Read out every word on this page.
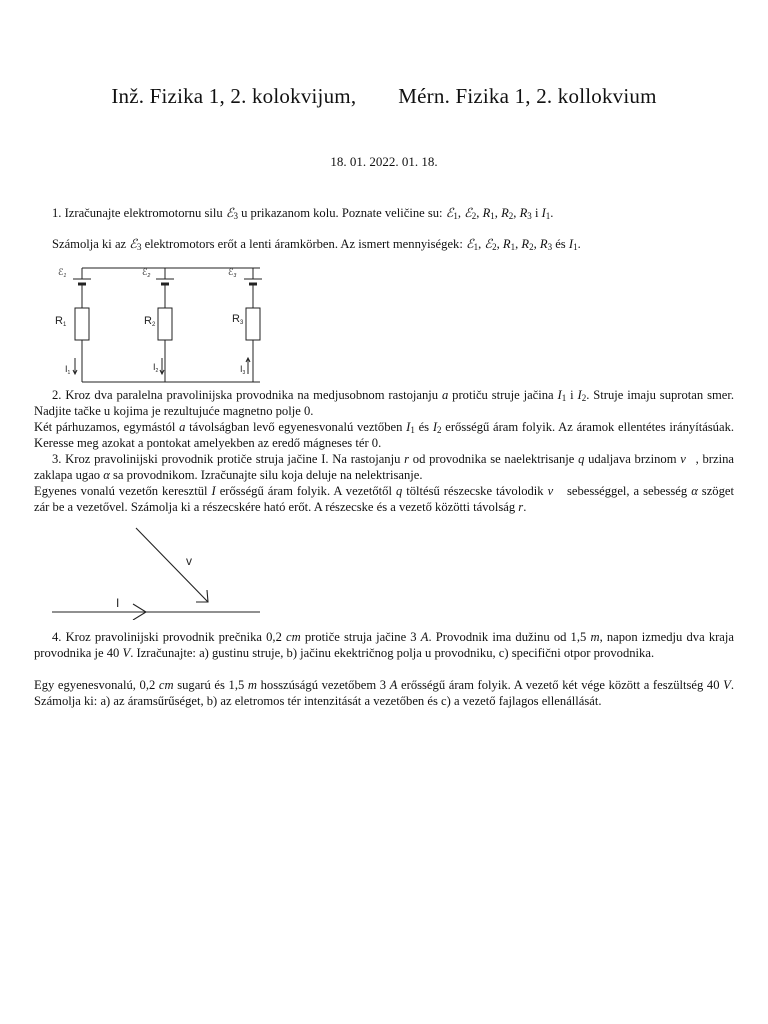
Inž. Fizika 1, 2. kolokvijum, Mérn. Fizika 1, 2. kollokvium
18. 01. 2022. 01. 18.
1. Izračunajte elektromotornu silu ℰ$_3$ u prikazanom kolu. Poznate veličine su: ℰ$_1$, ℰ$_2$, $R_1$, $R_2$, $R_3$ i $I_1$.
Számolja ki az ℰ$_3$ elektromotors erőt a lenti áramkörben. Az ismert mennyiségek: ℰ$_1$, ℰ$_2$, $R_1$, $R_2$, $R_3$ és $I_1$.
ℰ$_1$	ℰ$_2$	ℰ$_3$
R1	R2	R3
$I_1$
$I_2$	$I_3$
2. Kroz dva paralelna pravolinijska provodnika na medjusobnom rastojanju a protiču struje jačina $I_1$ i $I_2$. Struje imaju suprotan smer. Nadjite tačke u kojima je rezultujuće magnetno polje 0.
Két párhuzamos, egymástól a távolságban levő egyenesvonalú veztőben $I_1$ és $I_2$ erősségű áram folyik. Az áramok ellentétes irányításúak. Keresse meg azokat a pontokat amelyekben az eredő mágneses tér 0.
3. Kroz pravolinijski provodnik protiče struja jačine I. Na rastojanju r od provodnika se naelektrisanje q udaljava brzinom v⃗, brzina zaklapa ugao α sa provodnikom. Izračunajte silu koja deluje na nelektrisanje.
Egyenes vonalú vezetőn keresztül I erősségű áram folyik. A vezetőtől q töltésű részecske távolodik v⃗ sebességgel, a sebesség α szöget zár be a vezetővel. Számolja ki a részecskére ható erőt. A részecske és a vezető közötti távolság r.
v
I
4. Kroz pravolinijski provodnik prečnika 0,2 cm protiče struja jačine 3 A. Provodnik ima dužinu od 1,5 m, napon izmedju dva kraja provodnika je 40 V. Izračunajte: a) gustinu struje, b) jačinu ekektričnog polja u provodniku, c) specifični otpor provodnika.
Egy egyenesvonalú, 0,2 cm sugarú és 1,5 m hosszúságú vezetőbem 3 A erősségű áram folyik. A vezető két vége között a feszültség 40 V. Számolja ki: a) az áramsűrűséget, b) az eletromos tér intenzitását a vezetőben és c) a vezető fajlagos ellenállását.
